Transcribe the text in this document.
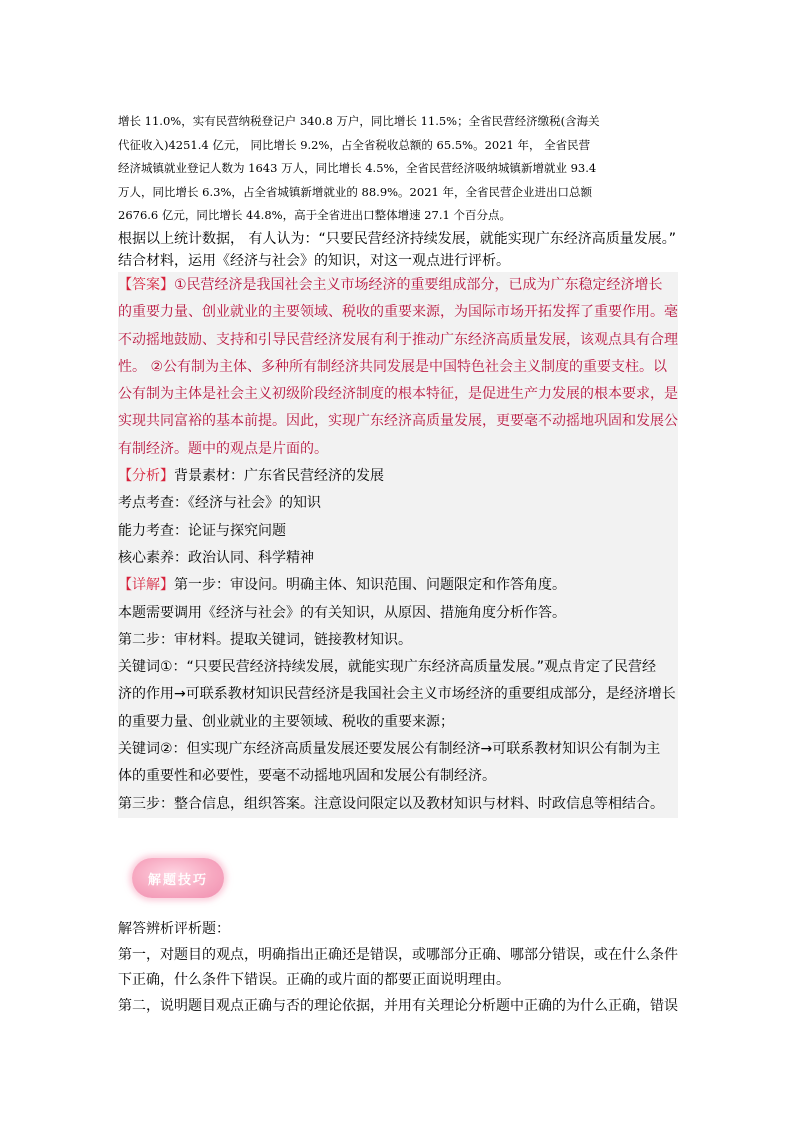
增长 11.0%，实有民营纳税登记户 340.8 万户，同比增长 11.5%；全省民营经济缴税(含海关

代征收入)4251.4 亿元， 同比增长 9.2%，占全省税收总额的 65.5%。2021 年， 全省民营

经济城镇就业登记人数为 1643 万人，同比增长 4.5%，全省民营经济吸纳城镇新增就业 93.4

万人，同比增长 6.3%，占全省城镇新增就业的 88.9%。2021 年，全省民营企业进出口总额

2676.6 亿元，同比增长 44.8%，高于全省进出口整体增速 27.1 个百分点。

根据以上统计数据， 有人认为：“只要民营经济持续发展，就能实现广东经济高质量发展。”

结合材料，运用《经济与社会》的知识，对这一观点进行评析。

【答案】①民营经济是我国社会主义市场经济的重要组成部分，已成为广东稳定经济增长

的重要力量、创业就业的主要领域、税收的重要来源，为国际市场开拓发挥了重要作用。毫

不动摇地鼓励、支持和引导民营经济发展有利于推动广东经济高质量发展，该观点具有合理

性。 ②公有制为主体、多种所有制经济共同发展是中国特色社会主义制度的重要支柱。以

公有制为主体是社会主义初级阶段经济制度的根本特征，是促进生产力发展的根本要求，是

实现共同富裕的基本前提。因此，实现广东经济高质量发展，更要毫不动摇地巩固和发展公

有制经济。题中的观点是片面的。

【分析】背景素材：广东省民营经济的发展

考点考查：《经济与社会》的知识

能力考查：论证与探究问题

核心素养：政治认同、科学精神

【详解】第一步：审设问。明确主体、知识范围、问题限定和作答角度。

本题需要调用《经济与社会》的有关知识，从原因、措施角度分析作答。

第二步：审材料。提取关键词，链接教材知识。

关键词①：“只要民营经济持续发展，就能实现广东经济高质量发展。”观点肯定了民营经

济的作用→可联系教材知识民营经济是我国社会主义市场经济的重要组成部分，是经济增长

的重要力量、创业就业的主要领域、税收的重要来源；

关键词②：但实现广东经济高质量发展还要发展公有制经济→可联系教材知识公有制为主

体的重要性和必要性，要毫不动摇地巩固和发展公有制经济。

第三步：整合信息，组织答案。注意设问限定以及教材知识与材料、时政信息等相结合。

解题技巧

解答辨析评析题：

第一，对题目的观点，明确指出正确还是错误，或哪部分正确、哪部分错误，或在什么条件

下正确，什么条件下错误。正确的或片面的都要正面说明理由。

第二，说明题目观点正确与否的理论依据，并用有关理论分析题中正确的为什么正确，错误
